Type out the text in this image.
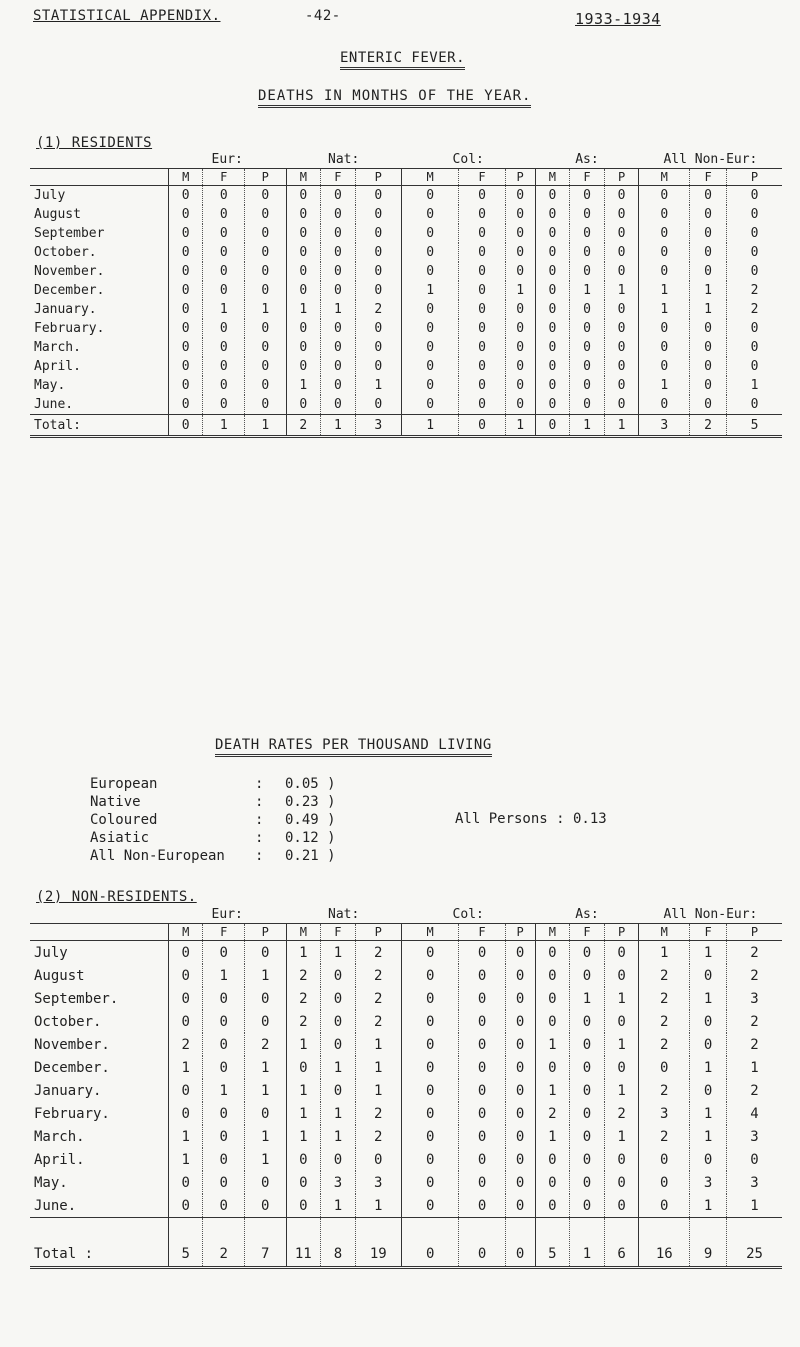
STATISTICAL APPENDIX.	-42-	1933-1934
ENTERIC FEVER.
DEATHS IN MONTHS OF THE YEAR.
(1) RESIDENTS
	Eur:			Nat:			Col:			As:			All Non-Eur:		
	M	F	P	M	F	P	M	F	P	M	F	P	M	F	P
July	0	0	0	0	0	0	0	0	0	0	0	0	0	0	0
August	0	0	0	0	0	0	0	0	0	0	0	0	0	0	0
September	0	0	0	0	0	0	0	0	0	0	0	0	0	0	0
October.	0	0	0	0	0	0	0	0	0	0	0	0	0	0	0
November.	0	0	0	0	0	0	0	0	0	0	0	0	0	0	0
December.	0	0	0	0	0	0	1	0	1	0	1	1	1	1	2
January.	0	1	1	1	1	2	0	0	0	0	0	0	1	1	2
February.	0	0	0	0	0	0	0	0	0	0	0	0	0	0	0
March.	0	0	0	0	0	0	0	0	0	0	0	0	0	0	0
April.	0	0	0	0	0	0	0	0	0	0	0	0	0	0	0
May.	0	0	0	1	0	1	0	0	0	0	0	0	1	0	1
June.	0	0	0	0	0	0	0	0	0	0	0	0	0	0	0
Total:	0	1	1	2	1	3	1	0	1	0	1	1	3	2	5
DEATH RATES PER THOUSAND LIVING
European	: 0.05 )
Native	: 0.23 )
Coloured	: 0.49 )
Asiatic	: 0.12 )
All Non-European : 0.21 )
All Persons : 0.13
(2) NON-RESIDENTS.
	Eur:			Nat:			Col:			As:			All Non-Eur:		
	M	F	P	M	F	P	M	F	P	M	F	P	M	F	P
July	0	0	0	1	1	2	0	0	0	0	0	0	1	1	2
August	0	1	1	2	0	2	0	0	0	0	0	0	2	0	2
September.	0	0	0	2	0	2	0	0	0	0	1	1	2	1	3
October.	0	0	0	2	0	2	0	0	0	0	0	0	2	0	2
November.	2	0	2	1	0	1	0	0	0	1	0	1	2	0	2
December.	1	0	1	0	1	1	0	0	0	0	0	0	0	1	1
January.	0	1	1	1	0	1	0	0	0	1	0	1	2	0	2
February.	0	0	0	1	1	2	0	0	0	2	0	2	3	1	4
March.	1	0	1	1	1	2	0	0	0	1	0	1	2	1	3
April.	1	0	1	0	0	0	0	0	0	0	0	0	0	0	0
May.	0	0	0	0	3	3	0	0	0	0	0	0	0	3	3
June.	0	0	0	0	1	1	0	0	0	0	0	0	0	1	1
Total :	5	2	7	11	8	19	0	0	0	5	1	6	16	9	25
